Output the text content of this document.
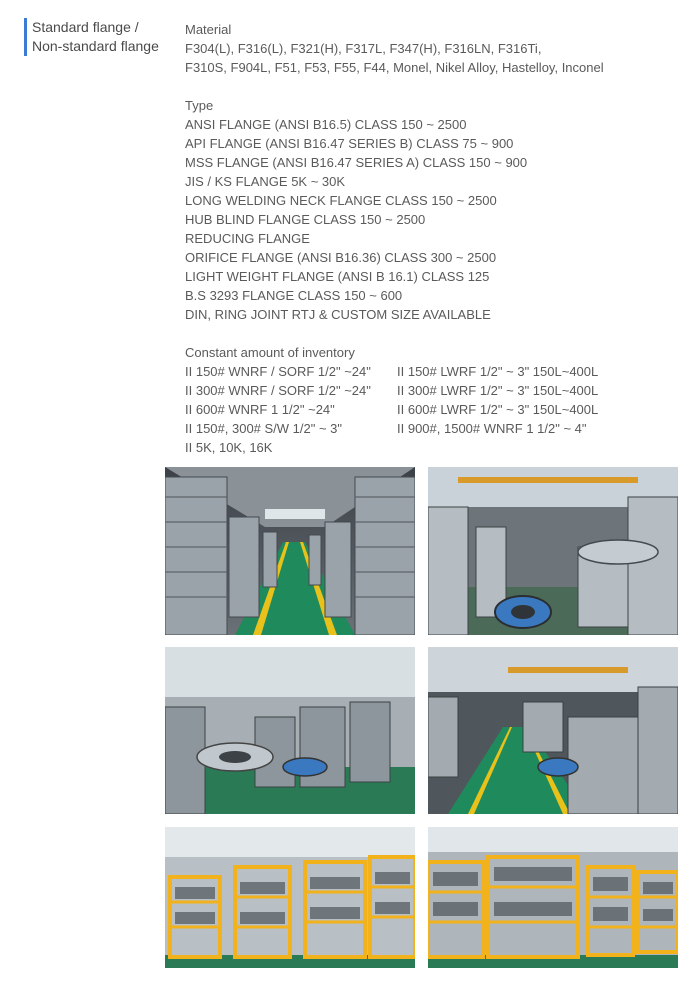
Standard flange /
Non-standard flange
Material
F304(L), F316(L), F321(H), F317L, F347(H), F316LN, F316Ti,
F310S, F904L, F51, F53, F55, F44, Monel, Nikel Alloy, Hastelloy, Inconel
Type
ANSI FLANGE (ANSI B16.5) CLASS 150 ~ 2500
API FLANGE (ANSI B16.47 SERIES B) CLASS 75 ~ 900
MSS FLANGE (ANSI B16.47 SERIES A) CLASS 150 ~ 900
JIS / KS FLANGE 5K ~ 30K
LONG WELDING NECK FLANGE CLASS 150 ~ 2500
HUB BLIND FLANGE CLASS 150 ~ 2500
REDUCING FLANGE
ORIFICE FLANGE (ANSI B16.36) CLASS 300 ~ 2500
LIGHT WEIGHT FLANGE (ANSI B 16.1) CLASS 125
B.S 3293 FLANGE CLASS 150 ~ 600
DIN, RING JOINT RTJ & CUSTOM SIZE AVAILABLE
Constant amount of inventory
II 150# WNRF / SORF 1/2" ~24"	II 150# LWRF 1/2" ~ 3" 150L~400L
II 300# WNRF / SORF 1/2" ~24"	II 300# LWRF 1/2" ~ 3" 150L~400L
II 600# WNRF 1 1/2" ~24"	II 600# LWRF 1/2" ~ 3" 150L~400L
II 150#, 300# S/W 1/2" ~ 3"	II 900#, 1500# WNRF 1 1/2" ~ 4"
II 5K, 10K, 16K
